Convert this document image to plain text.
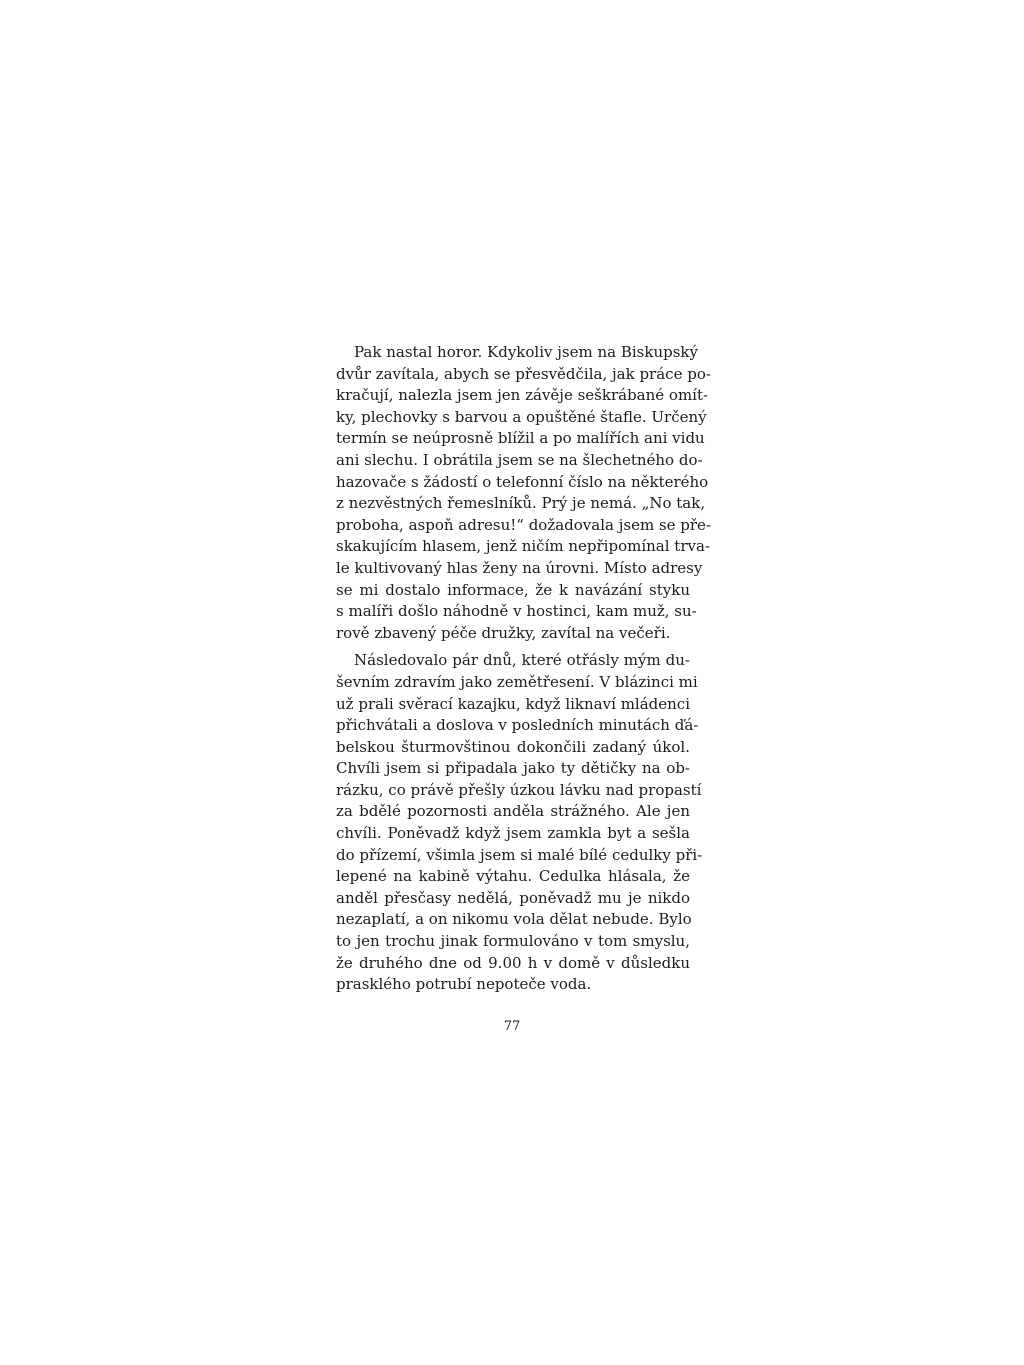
Pak nastal horor. Kdykoliv jsem na Biskupský
dvůr zavítala, abych se přesvědčila, jak práce po-
kračují, nalezla jsem jen závěje seškrábané omít-
ky, plechovky s barvou a opuštěné štafle. Určený
termín se neúprosně blížil a po malířích ani vidu
ani slechu. I obrátila jsem se na šlechetného do-
hazovače s žádostí o telefonní číslo na některého
z nezvěstných řemeslníků. Prý je nemá. „No tak,
proboha, aspoň adresu!“ dožadovala jsem se pře-
skakujícím hlasem, jenž ničím nepřipomínal trva-
le kultivovaný hlas ženy na úrovni. Místo adresy
se mi dostalo informace, že k navázání styku
s malíři došlo náhodně v hostinci, kam muž, su-
rově zbavený péče družky, zavítal na večeři.
Následovalo pár dnů, které otřásly mým du-
ševním zdravím jako zemětřesení. V blázinci mi
už prali svěrací kazajku, když liknaví mládenci
přichvátali a doslova v posledních minutách ďá-
belskou šturmovštinou dokončili zadaný úkol.
Chvíli jsem si připadala jako ty dětičky na ob-
rázku, co právě přešly úzkou lávku nad propastí
za bdělé pozornosti anděla strážného. Ale jen
chvíli. Poněvadž když jsem zamkla byt a sešla
do přízemí, všimla jsem si malé bílé cedulky při-
lepené na kabině výtahu. Cedulka hlásala, že
anděl přesčasy nedělá, poněvadž mu je nikdo
nezaplatí, a on nikomu vola dělat nebude. Bylo
to jen trochu jinak formulováno v tom smyslu,
že druhého dne od 9.00 h v domě v důsledku
prasklého potrubí nepoteče voda.
77
